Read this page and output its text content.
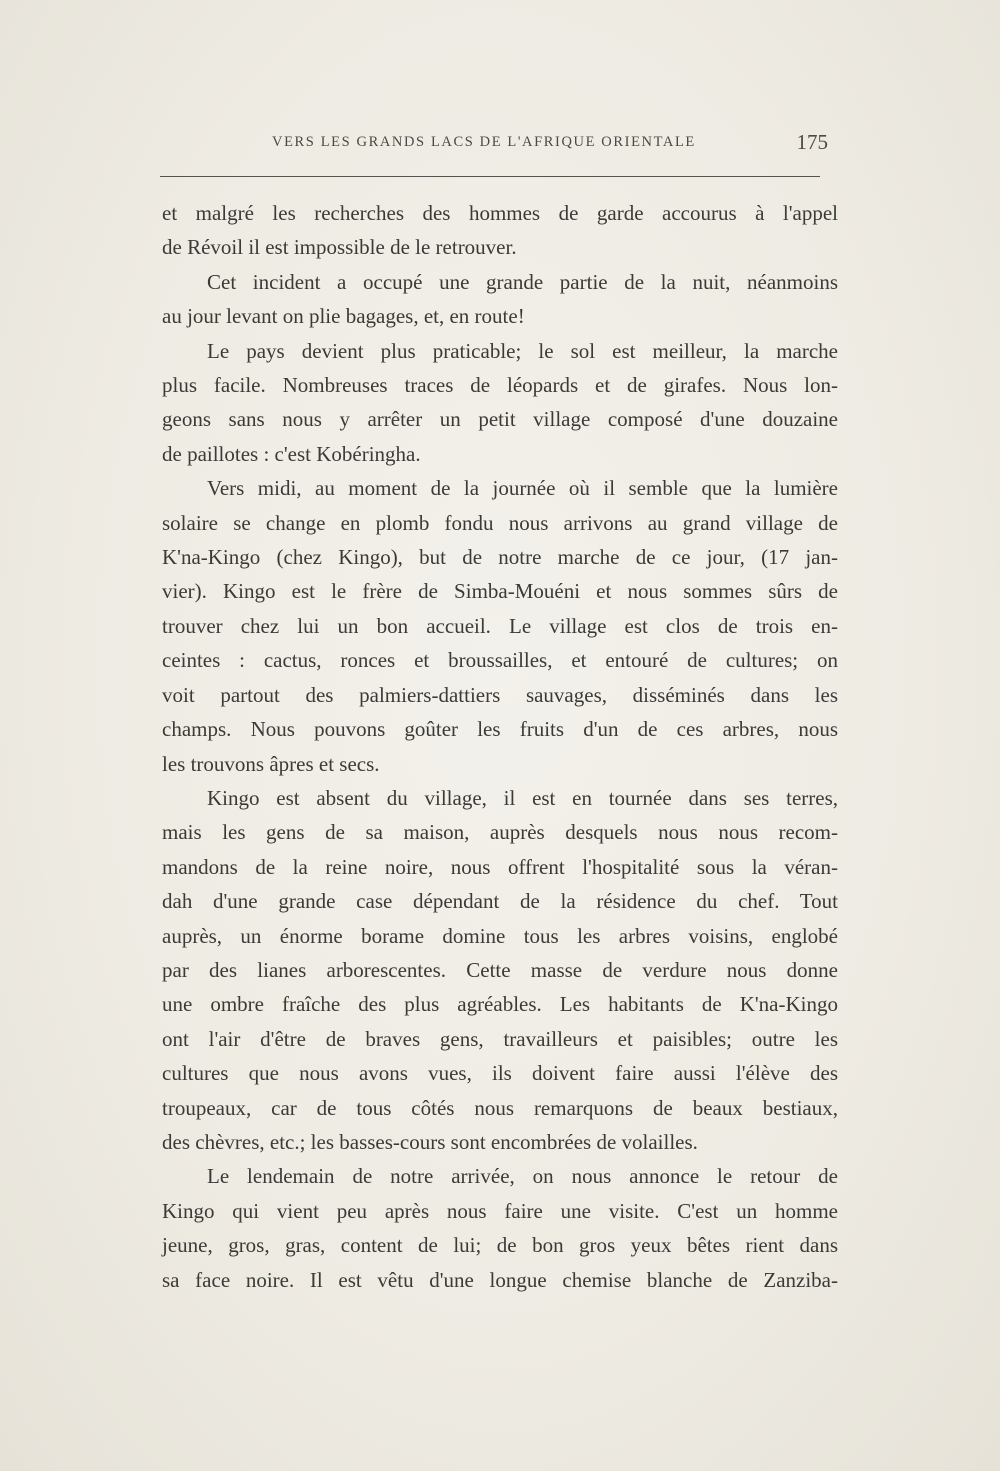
VERS LES GRANDS LACS DE L'AFRIQUE ORIENTALE	175
et malgré les recherches des hommes de garde accourus à l'appel
de Révoil il est impossible de le retrouver.
Cet incident a occupé une grande partie de la nuit, néanmoins
au jour levant on plie bagages, et, en route!
Le pays devient plus praticable; le sol est meilleur, la marche
plus facile. Nombreuses traces de léopards et de girafes. Nous lon-
geons sans nous y arrêter un petit village composé d'une douzaine
de paillotes : c'est Kobéringha.
Vers midi, au moment de la journée où il semble que la lumière
solaire se change en plomb fondu nous arrivons au grand village de
K'na-Kingo (chez Kingo), but de notre marche de ce jour, (17 jan-
vier). Kingo est le frère de Simba-Mouéni et nous sommes sûrs de
trouver chez lui un bon accueil. Le village est clos de trois en-
ceintes : cactus, ronces et broussailles, et entouré de cultures; on
voit partout des palmiers-dattiers sauvages, disséminés dans les
champs. Nous pouvons goûter les fruits d'un de ces arbres, nous
les trouvons âpres et secs.
Kingo est absent du village, il est en tournée dans ses terres,
mais les gens de sa maison, auprès desquels nous nous recom-
mandons de la reine noire, nous offrent l'hospitalité sous la véran-
dah d'une grande case dépendant de la résidence du chef. Tout
auprès, un énorme borame domine tous les arbres voisins, englobé
par des lianes arborescentes. Cette masse de verdure nous donne
une ombre fraîche des plus agréables. Les habitants de K'na-Kingo
ont l'air d'être de braves gens, travailleurs et paisibles; outre les
cultures que nous avons vues, ils doivent faire aussi l'élève des
troupeaux, car de tous côtés nous remarquons de beaux bestiaux,
des chèvres, etc.; les basses-cours sont encombrées de volailles.
Le lendemain de notre arrivée, on nous annonce le retour de
Kingo qui vient peu après nous faire une visite. C'est un homme
jeune, gros, gras, content de lui; de bon gros yeux bêtes rient dans
sa face noire. Il est vêtu d'une longue chemise blanche de Zanziba-
